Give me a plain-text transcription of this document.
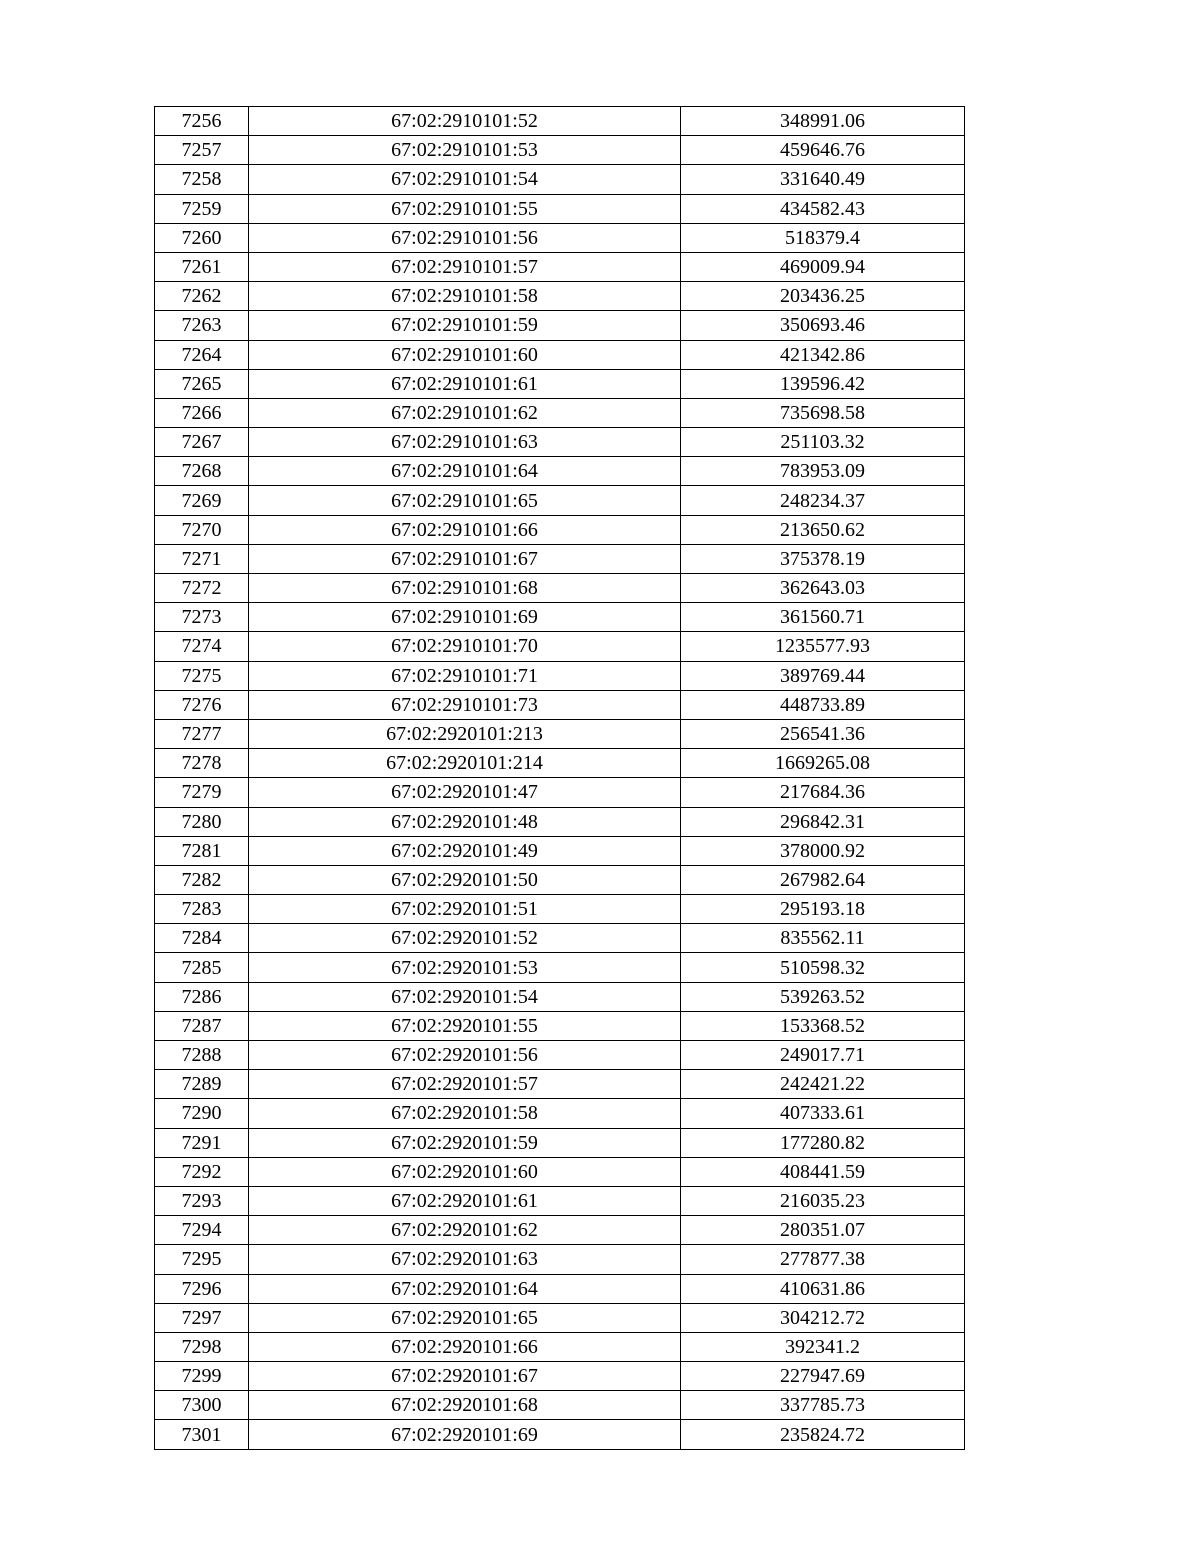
7256	67:02:2910101:52	348991.06
7257	67:02:2910101:53	459646.76
7258	67:02:2910101:54	331640.49
7259	67:02:2910101:55	434582.43
7260	67:02:2910101:56	518379.4
7261	67:02:2910101:57	469009.94
7262	67:02:2910101:58	203436.25
7263	67:02:2910101:59	350693.46
7264	67:02:2910101:60	421342.86
7265	67:02:2910101:61	139596.42
7266	67:02:2910101:62	735698.58
7267	67:02:2910101:63	251103.32
7268	67:02:2910101:64	783953.09
7269	67:02:2910101:65	248234.37
7270	67:02:2910101:66	213650.62
7271	67:02:2910101:67	375378.19
7272	67:02:2910101:68	362643.03
7273	67:02:2910101:69	361560.71
7274	67:02:2910101:70	1235577.93
7275	67:02:2910101:71	389769.44
7276	67:02:2910101:73	448733.89
7277	67:02:2920101:213	256541.36
7278	67:02:2920101:214	1669265.08
7279	67:02:2920101:47	217684.36
7280	67:02:2920101:48	296842.31
7281	67:02:2920101:49	378000.92
7282	67:02:2920101:50	267982.64
7283	67:02:2920101:51	295193.18
7284	67:02:2920101:52	835562.11
7285	67:02:2920101:53	510598.32
7286	67:02:2920101:54	539263.52
7287	67:02:2920101:55	153368.52
7288	67:02:2920101:56	249017.71
7289	67:02:2920101:57	242421.22
7290	67:02:2920101:58	407333.61
7291	67:02:2920101:59	177280.82
7292	67:02:2920101:60	408441.59
7293	67:02:2920101:61	216035.23
7294	67:02:2920101:62	280351.07
7295	67:02:2920101:63	277877.38
7296	67:02:2920101:64	410631.86
7297	67:02:2920101:65	304212.72
7298	67:02:2920101:66	392341.2
7299	67:02:2920101:67	227947.69
7300	67:02:2920101:68	337785.73
7301	67:02:2920101:69	235824.72
